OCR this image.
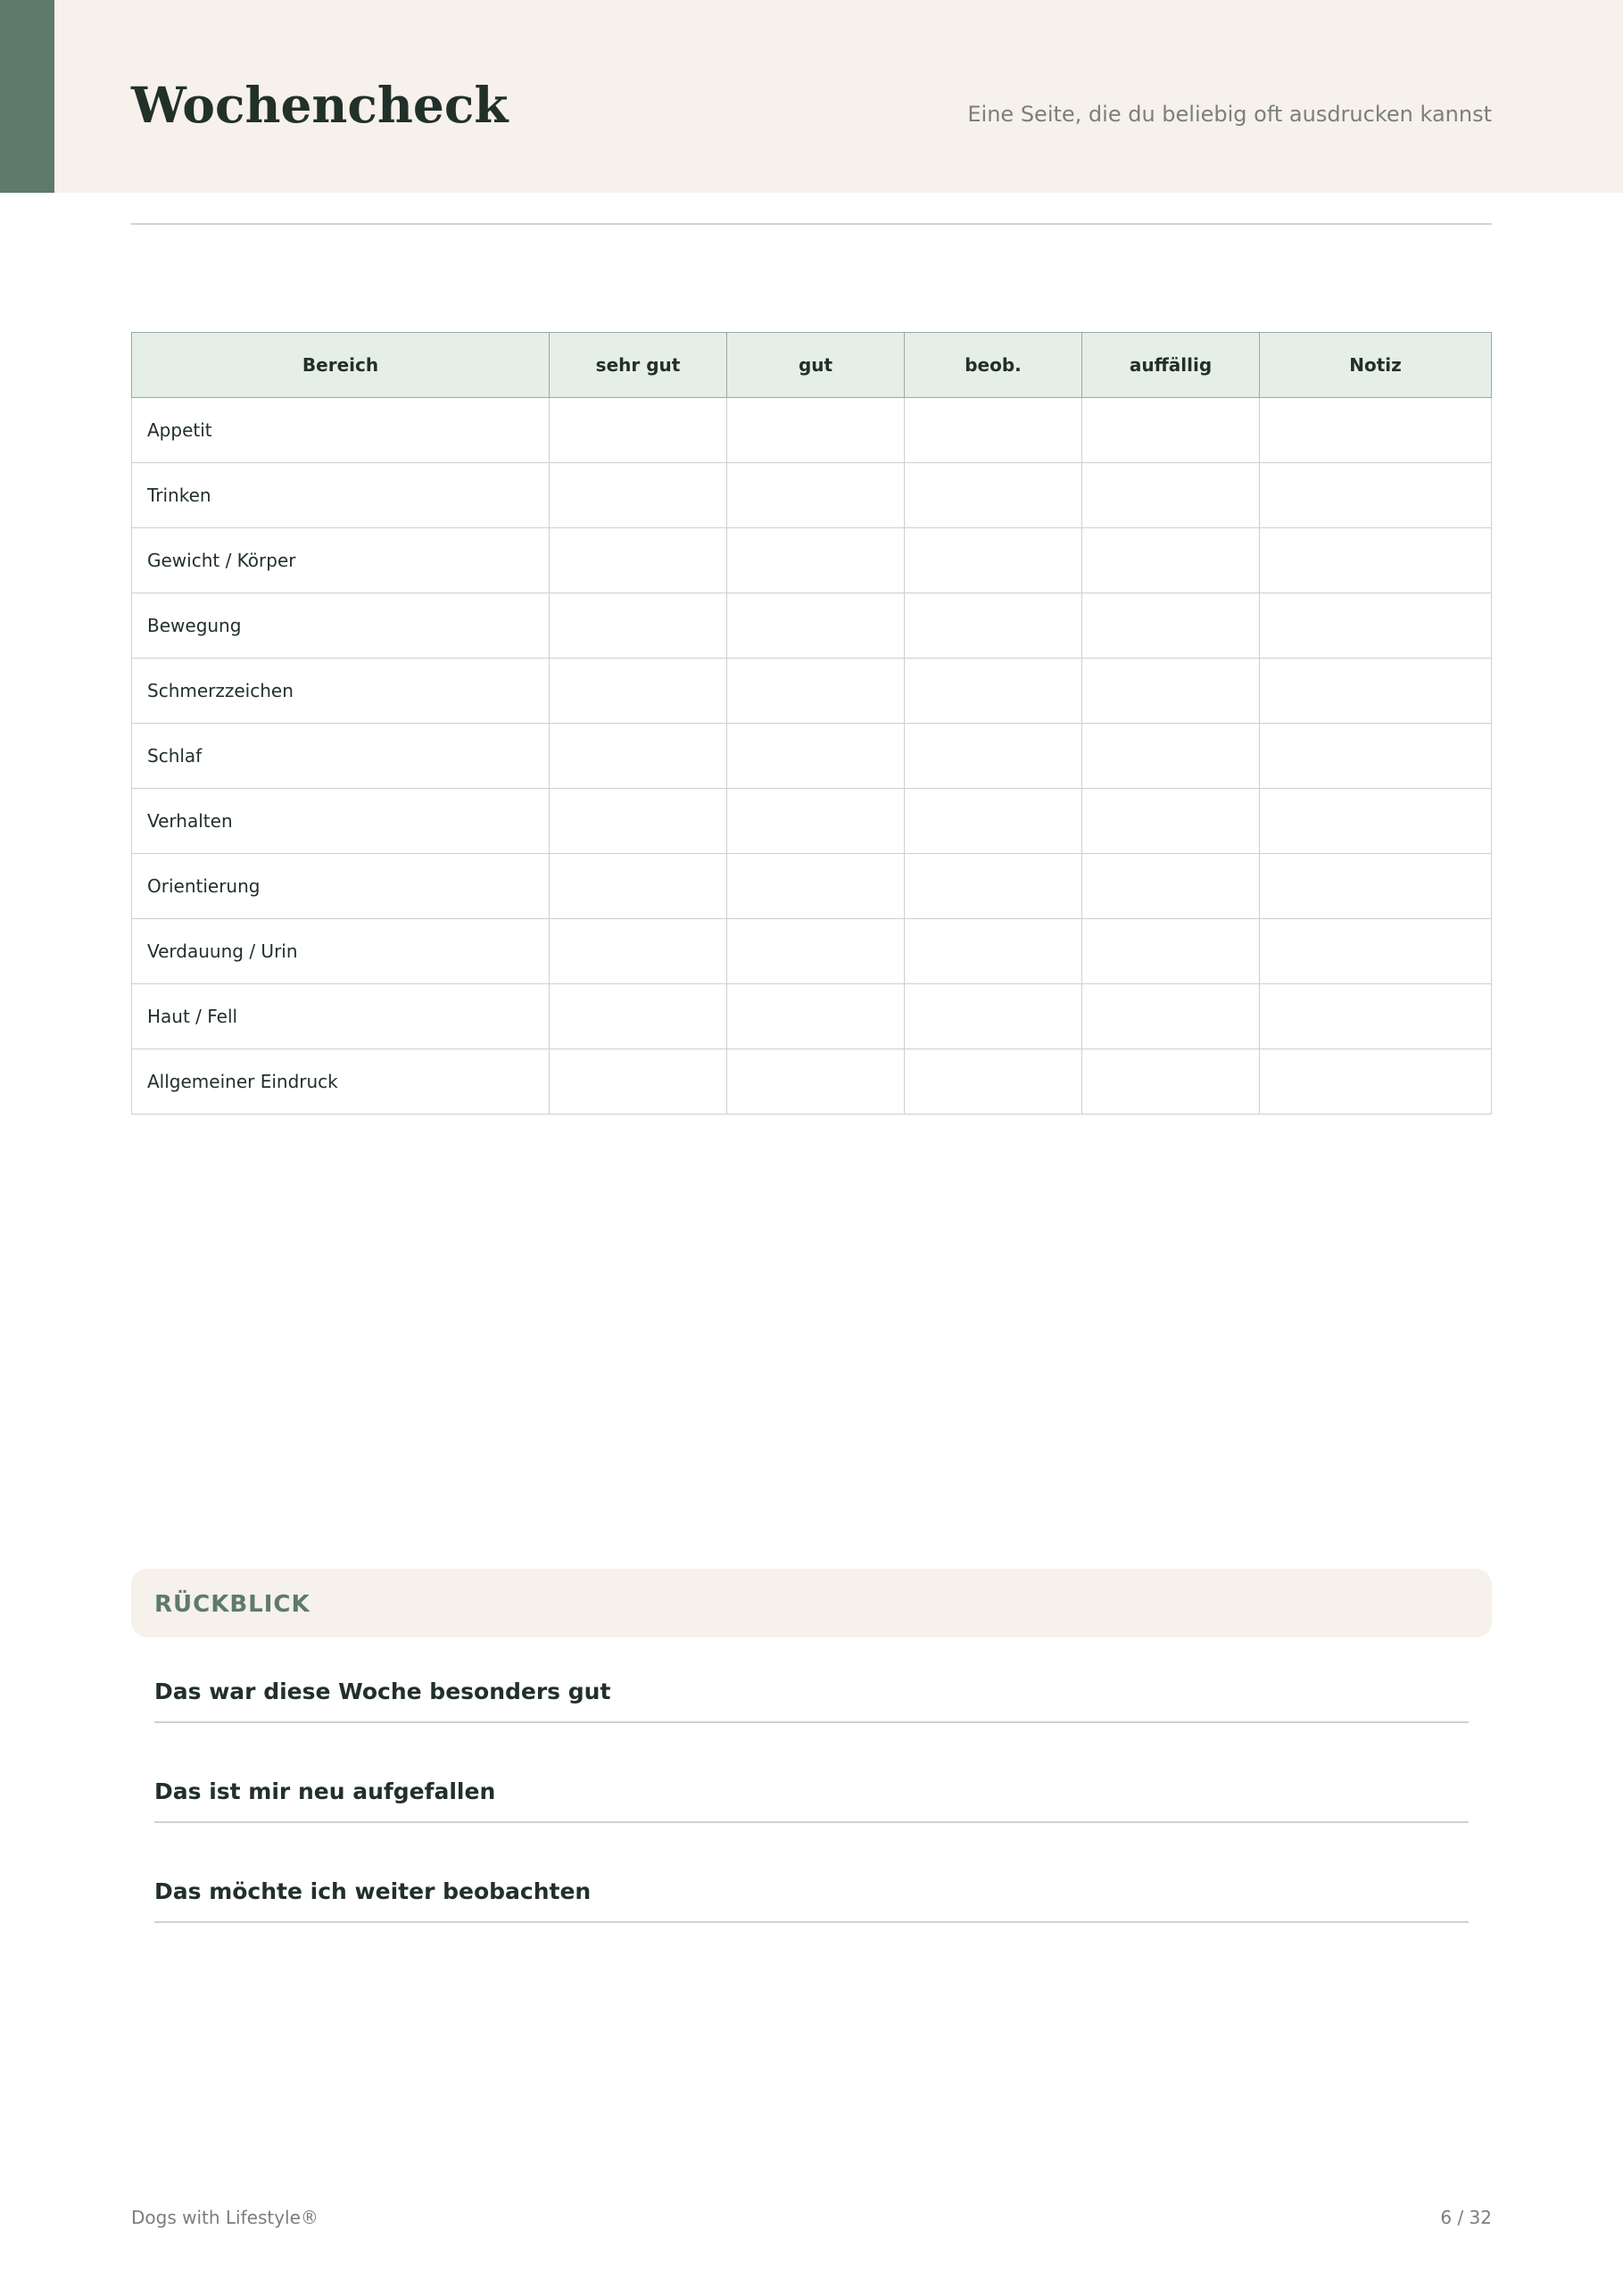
Wochencheck	Eine Seite, die du beliebig oft ausdrucken kannst
Bereich	sehr gut	gut	beob.	auffällig	Notiz
Appetit					
Trinken					
Gewicht / Körper					
Bewegung					
Schmerzzeichen					
Schlaf					
Verhalten					
Orientierung					
Verdauung / Urin					
Haut / Fell					
Allgemeiner Eindruck					
RÜCKBLICK
Das war diese Woche besonders gut
Das ist mir neu aufgefallen
Das möchte ich weiter beobachten
Dogs with Lifestyle®	6 / 32
